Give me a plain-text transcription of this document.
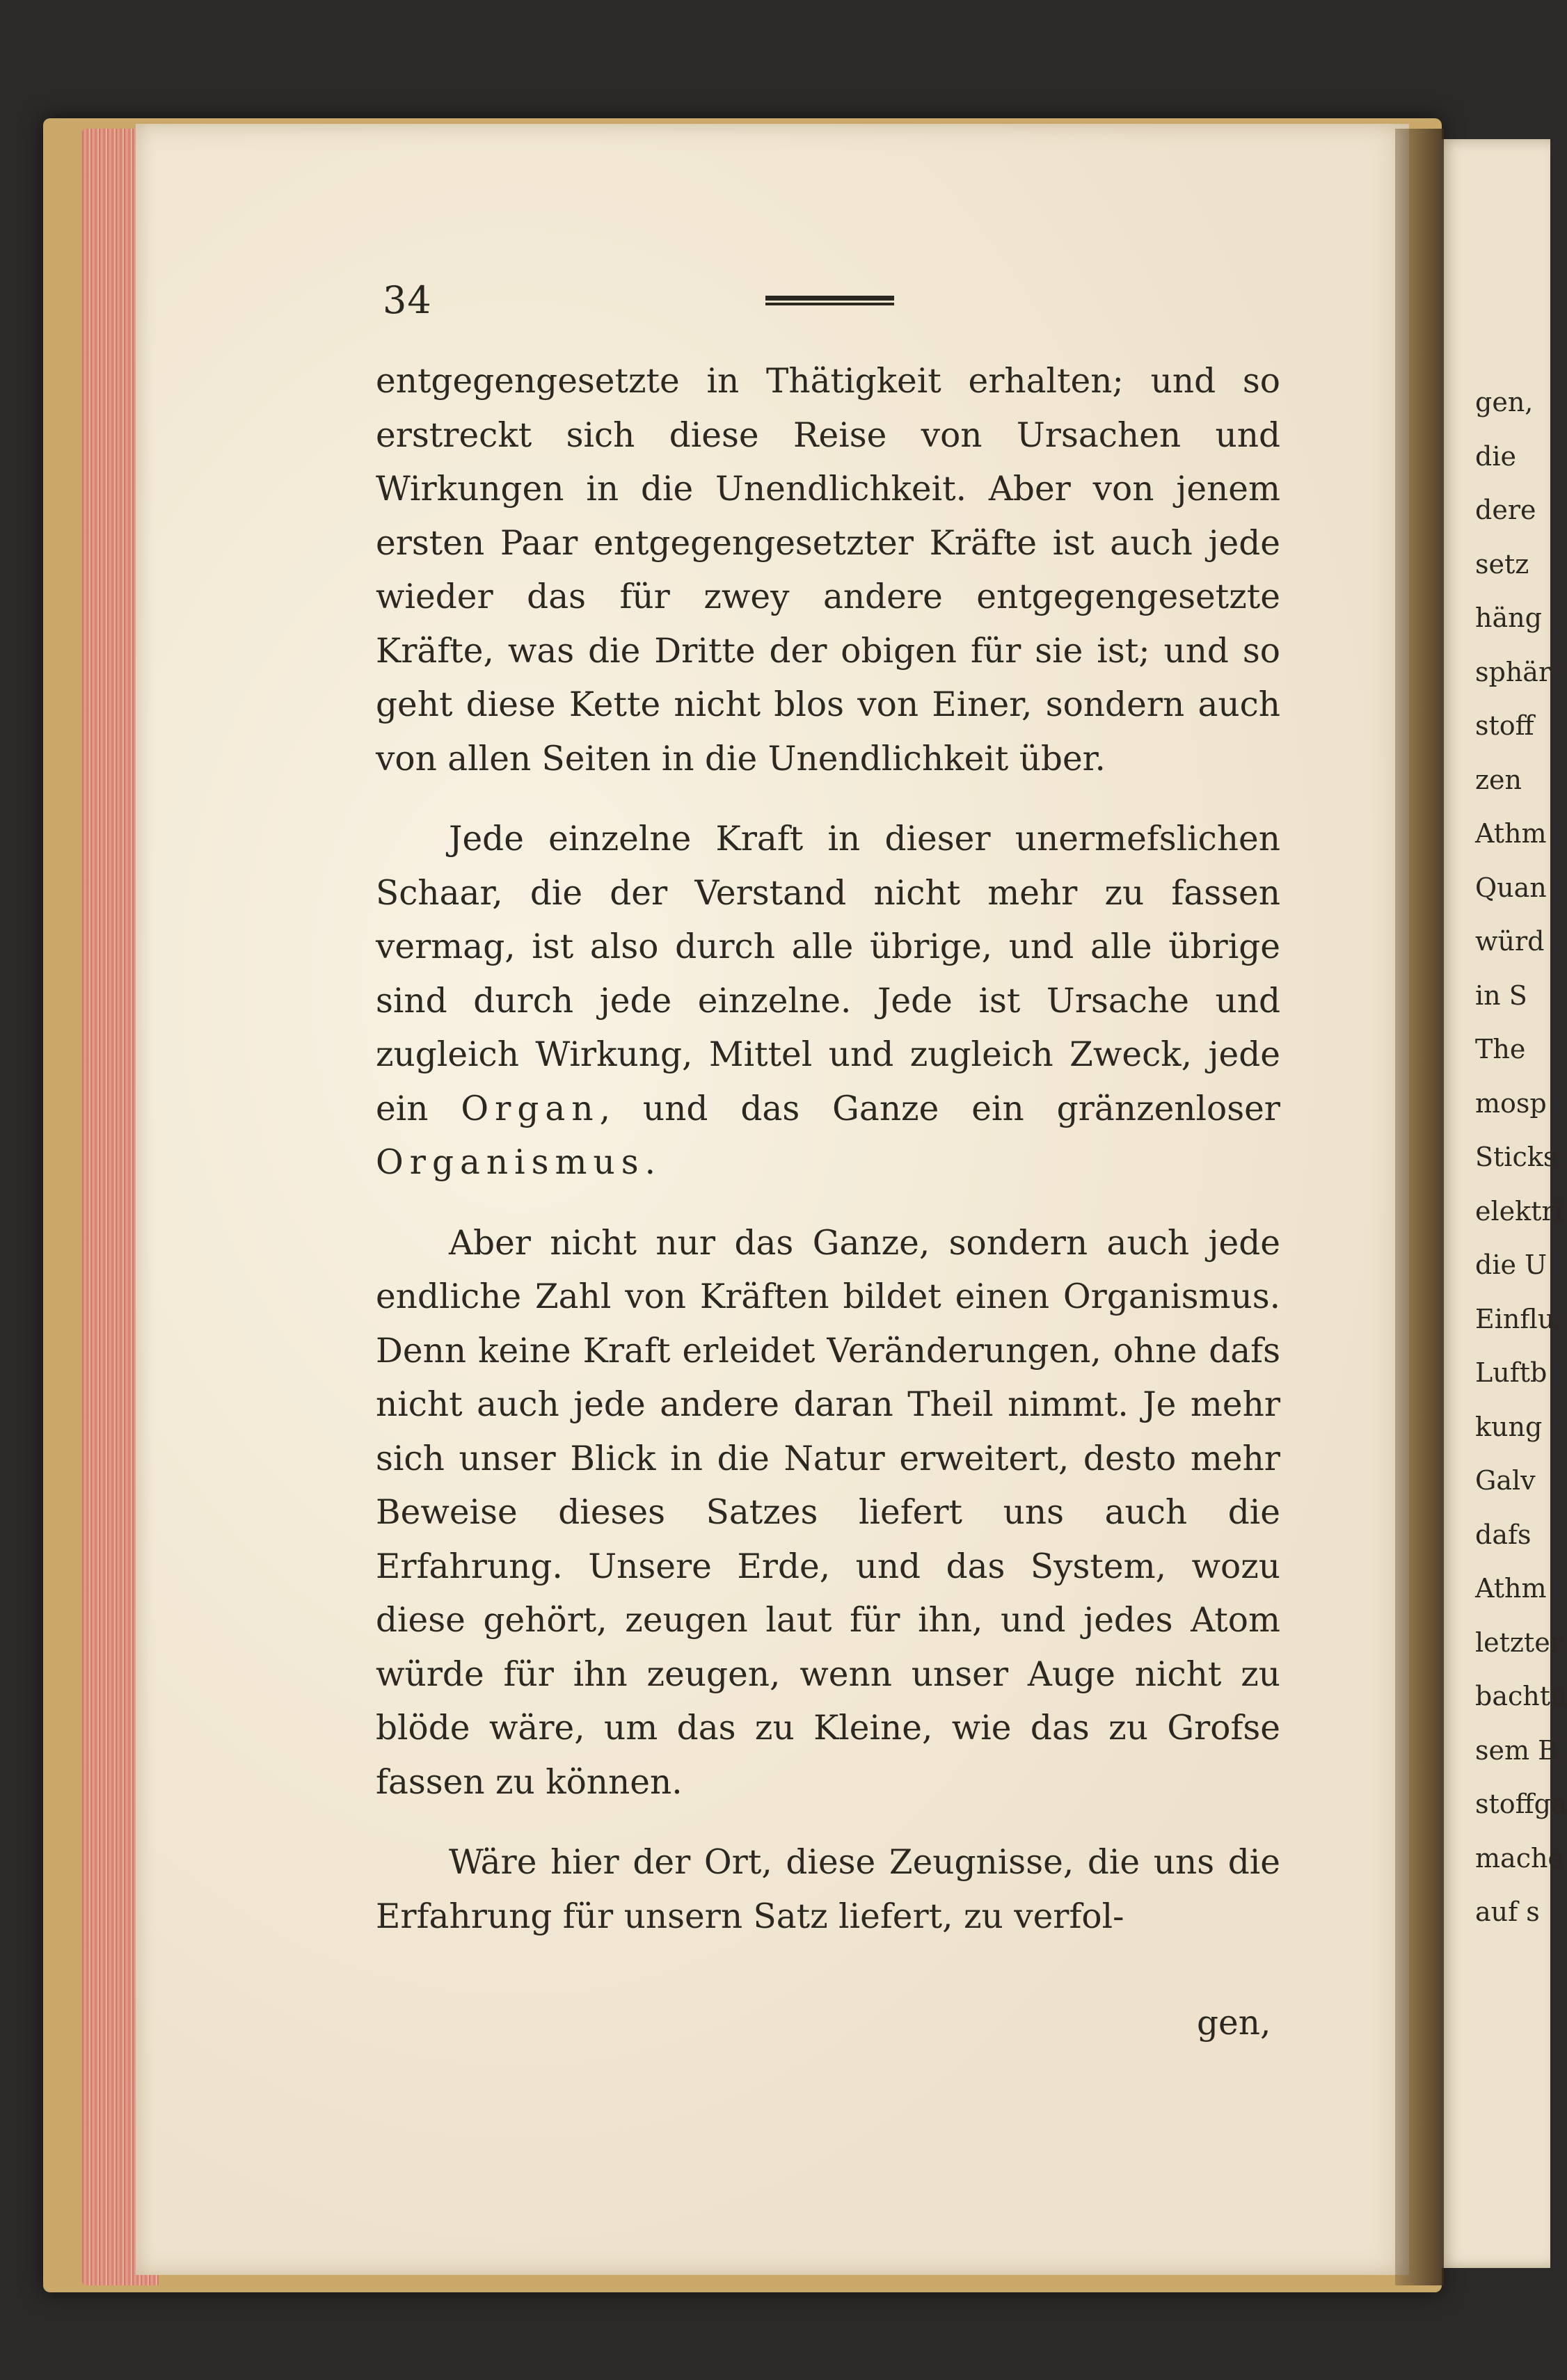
34

entgegengesetzte in Thätigkeit erhalten; und so erstreckt sich diese Reise von Ursachen und Wirkungen in die Unendlichkeit. Aber von jenem ersten Paar entgegengesetzter Kräfte ist auch jede wieder das für zwey andere entgegengesetzte Kräfte, was die Dritte der obigen für sie ist; und so geht diese Kette nicht blos von Einer, sondern auch von allen Seiten in die Unendlichkeit über.

Jede einzelne Kraft in dieser unermefslichen Schaar, die der Verstand nicht mehr zu fassen vermag, ist also durch alle übrige, und alle übrige sind durch jede einzelne. Jede ist Ursache und zugleich Wirkung, Mittel und zugleich Zweck, jede ein Organ, und das Ganze ein gränzenloser Organismus.

Aber nicht nur das Ganze, sondern auch jede endliche Zahl von Kräften bildet einen Organismus. Denn keine Kraft erleidet Veränderungen, ohne dafs nicht auch jede andere daran Theil nimmt. Je mehr sich unser Blick in die Natur erweitert, desto mehr Beweise dieses Satzes liefert uns auch die Erfahrung. Unsere Erde, und das System, wozu diese gehört, zeugen laut für ihn, und jedes Atom würde für ihn zeugen, wenn unser Auge nicht zu blöde wäre, um das zu Kleine, wie das zu Grofse fassen zu können.

Wäre hier der Ort, diese Zeugnisse, die uns die Erfahrung für unsern Satz liefert, zu verfol-

gen,
gen,
die
dere
setz
häng
sphär
stoff
zen
Athm
Quan
würd
in S
The
mosp
Sticks
elektri
die U
Einflu
Luftb
kung
Galv
dafs
Athm
letzter
bachtu
sem B
stoffga
mache
auf s
